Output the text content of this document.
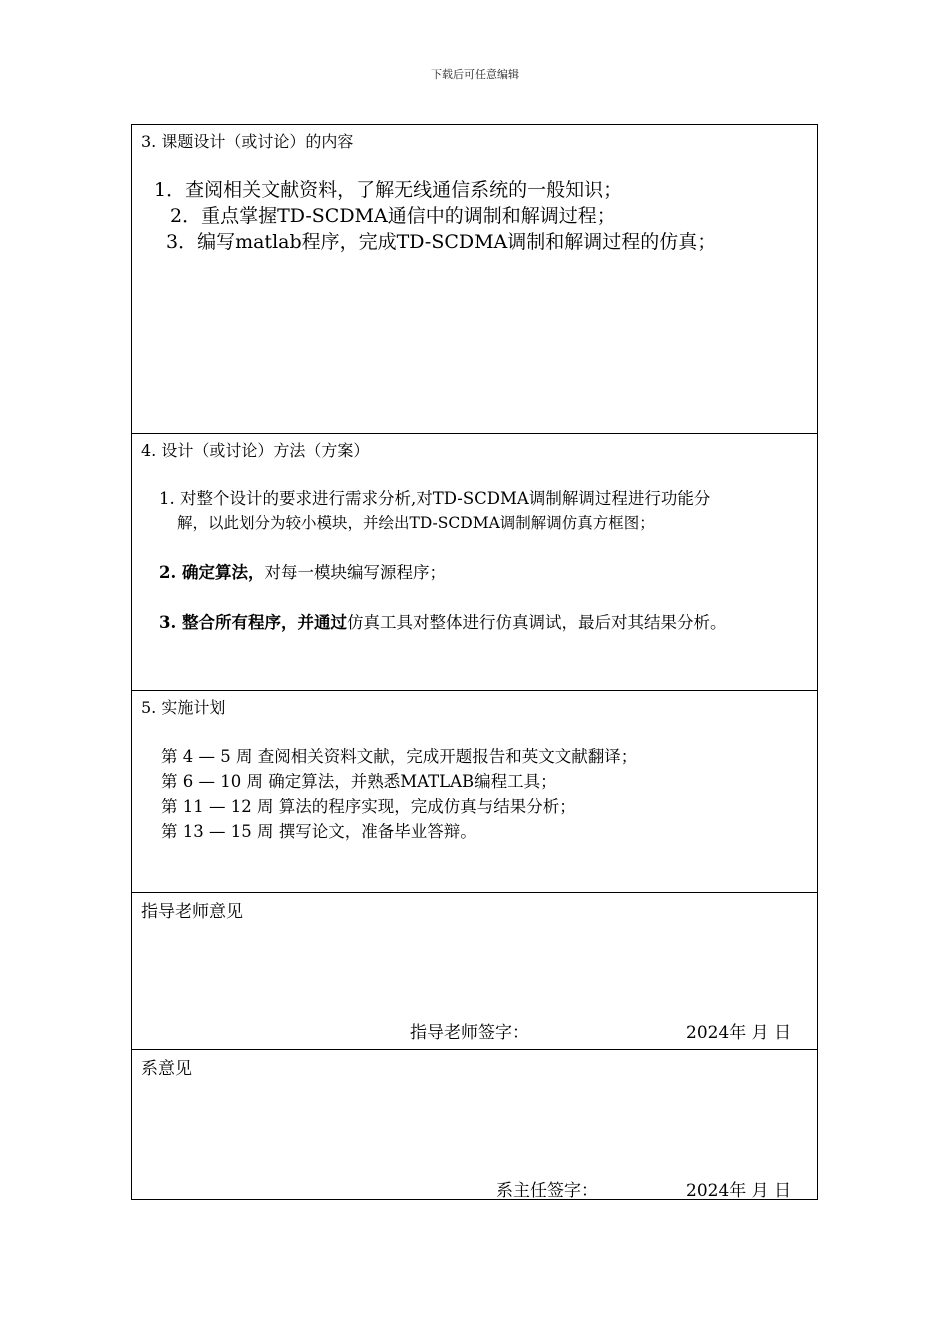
下载后可任意编辑
3. 课题设计（或讨论）的内容
1．查阅相关文献资料，了解无线通信系统的一般知识；
2．重点掌握TD-SCDMA通信中的调制和解调过程；
3．编写matlab程序，完成TD-SCDMA调制和解调过程的仿真；
4. 设计（或讨论）方法（方案）
1. 对整个设计的要求进行需求分析,对TD-SCDMA调制解调过程进行功能分
解，以此划分为较小模块，并绘出TD-SCDMA调制解调仿真方框图；
2. 确定算法，对每一模块编写源程序；
3. 整合所有程序，并通过仿真工具对整体进行仿真调试，最后对其结果分析。
5. 实施计划
第 4 — 5 周 查阅相关资料文献，完成开题报告和英文文献翻译；
第 6 — 10 周 确定算法，并熟悉MATLAB编程工具；
第 11 — 12 周 算法的程序实现，完成仿真与结果分析；
第 13 — 15 周 撰写论文，准备毕业答辩。
指导老师意见
指导老师签字：	2024年 月 日
系意见
系主任签字：	2024年 月 日
